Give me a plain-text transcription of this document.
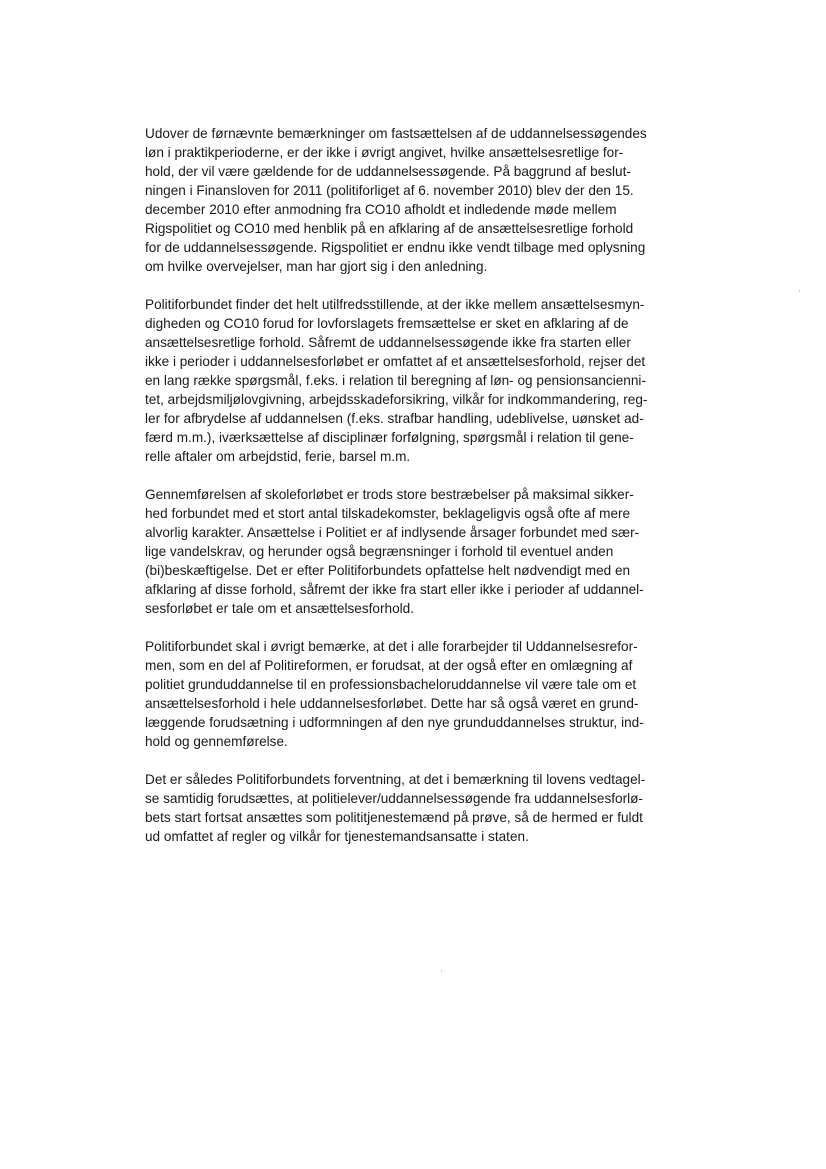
Udover de førnævnte bemærkninger om fastsættelsen af de uddannelsessøgendes
løn i praktikperioderne, er der ikke i øvrigt angivet, hvilke ansættelsesretlige for-
hold, der vil være gældende for de uddannelsessøgende. På baggrund af beslut-
ningen i Finansloven for 2011 (politiforliget af 6. november 2010) blev der den 15.
december 2010 efter anmodning fra CO10 afholdt et indledende møde mellem
Rigspolitiet og CO10 med henblik på en afklaring af de ansættelsesretlige forhold
for de uddannelsessøgende. Rigspolitiet er endnu ikke vendt tilbage med oplysning
om hvilke overvejelser, man har gjort sig i den anledning.

Politiforbundet finder det helt utilfredsstillende, at der ikke mellem ansættelsesmyn-
digheden og CO10 forud for lovforslagets fremsættelse er sket en afklaring af de
ansættelsesretlige forhold. Såfremt de uddannelsessøgende ikke fra starten eller
ikke i perioder i uddannelsesforløbet er omfattet af et ansættelsesforhold, rejser det
en lang række spørgsmål, f.eks. i relation til beregning af løn- og pensionsancienni-
tet, arbejdsmiljølovgivning, arbejdsskadeforsikring, vilkår for indkommandering, reg-
ler for afbrydelse af uddannelsen (f.eks. strafbar handling, udeblivelse, uønsket ad-
færd m.m.), iværksættelse af disciplinær forfølgning, spørgsmål i relation til gene-
relle aftaler om arbejdstid, ferie, barsel m.m.

Gennemførelsen af skoleforløbet er trods store bestræbelser på maksimal sikker-
hed forbundet med et stort antal tilskadekomster, beklageligvis også ofte af mere
alvorlig karakter. Ansættelse i Politiet er af indlysende årsager forbundet med sær-
lige vandelskrav, og herunder også begrænsninger i forhold til eventuel anden
(bi)beskæftigelse. Det er efter Politiforbundets opfattelse helt nødvendigt med en
afklaring af disse forhold, såfremt der ikke fra start eller ikke i perioder af uddannel-
sesforløbet er tale om et ansættelsesforhold.

Politiforbundet skal i øvrigt bemærke, at det i alle forarbejder til Uddannelsesrefor-
men, som en del af Politireformen, er forudsat, at der også efter en omlægning af
politiet grunduddannelse til en professionsbacheloruddannelse vil være tale om et
ansættelsesforhold i hele uddannelsesforløbet. Dette har så også været en grund-
læggende forudsætning i udformningen af den nye grunduddannelses struktur, ind-
hold og gennemførelse.

Det er således Politiforbundets forventning, at det i bemærkning til lovens vedtagel-
se samtidig forudsættes, at politielever/uddannelsessøgende fra uddannelsesforlø-
bets start fortsat ansættes som polititjenestemænd på prøve, så de hermed er fuldt
ud omfattet af regler og vilkår for tjenestemandsansatte i staten.
